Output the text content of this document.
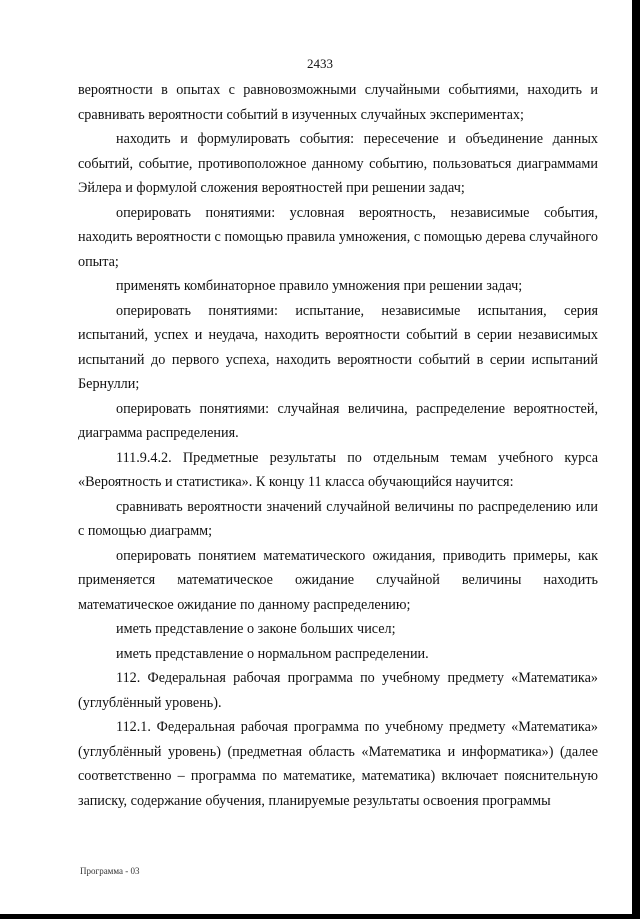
2433

вероятности в опытах с равновозможными случайными событиями, находить и сравнивать вероятности событий в изученных случайных экспериментах;

находить и формулировать события: пересечение и объединение данных событий, событие, противоположное данному событию, пользоваться диаграммами Эйлера и формулой сложения вероятностей при решении задач;

оперировать понятиями: условная вероятность, независимые события, находить вероятности с помощью правила умножения, с помощью дерева случайного опыта;

применять комбинаторное правило умножения при решении задач;

оперировать понятиями: испытание, независимые испытания, серия испытаний, успех и неудача, находить вероятности событий в серии независимых испытаний до первого успеха, находить вероятности событий в серии испытаний Бернулли;

оперировать понятиями: случайная величина, распределение вероятностей, диаграмма распределения.

111.9.4.2. Предметные результаты по отдельным темам учебного курса «Вероятность и статистика». К концу 11 класса обучающийся научится:

сравнивать вероятности значений случайной величины по распределению или с помощью диаграмм;

оперировать понятием математического ожидания, приводить примеры, как применяется математическое ожидание случайной величины находить математическое ожидание по данному распределению;

иметь представление о законе больших чисел;

иметь представление о нормальном распределении.

112. Федеральная рабочая программа по учебному предмету «Математика» (углублённый уровень).

112.1. Федеральная рабочая программа по учебному предмету «Математика» (углублённый уровень) (предметная область «Математика и информатика») (далее соответственно – программа по математике, математика) включает пояснительную записку, содержание обучения, планируемые результаты освоения программы

Программа - 03
